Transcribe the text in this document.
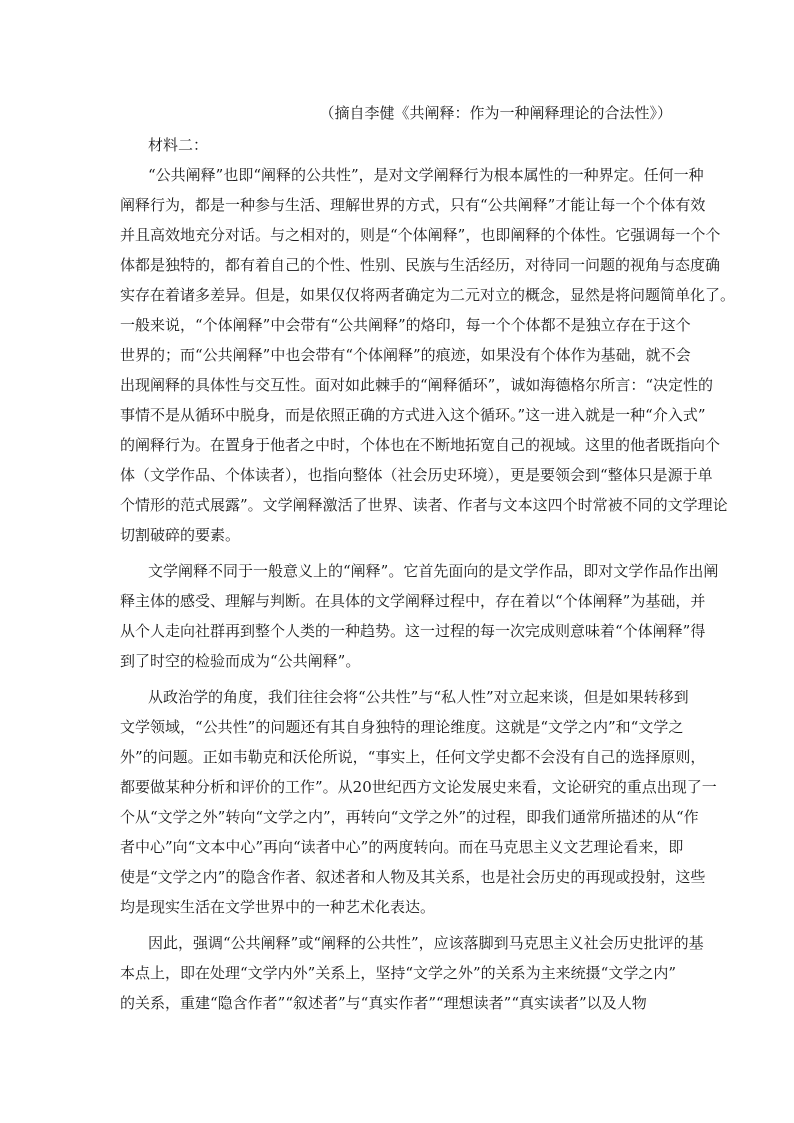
（摘自李健《共阐释：作为一种阐释理论的合法性》）
材料二：
“公共阐释”也即“阐释的公共性”，是对文学阐释行为根本属性的一种界定。任何一种
阐释行为，都是一种参与生活、理解世界的方式，只有“公共阐释”才能让每一个个体有效
并且高效地充分对话。与之相对的，则是“个体阐释”，也即阐释的个体性。它强调每一个个
体都是独特的，都有着自己的个性、性别、民族与生活经历，对待同一问题的视角与态度确
实存在着诸多差异。但是，如果仅仅将两者确定为二元对立的概念，显然是将问题简单化了。
一般来说，“个体阐释”中会带有“公共阐释”的烙印，每一个个体都不是独立存在于这个
世界的；而“公共阐释”中也会带有“个体阐释”的痕迹，如果没有个体作为基础，就不会
出现阐释的具体性与交互性。面对如此棘手的“阐释循环”，诚如海德格尔所言：“决定性的
事情不是从循环中脱身，而是依照正确的方式进入这个循环。”这一进入就是一种“介入式”
的阐释行为。在置身于他者之中时，个体也在不断地拓宽自己的视域。这里的他者既指向个
体（文学作品、个体读者），也指向整体（社会历史环境），更是要领会到“整体只是源于单
个情形的范式展露”。文学阐释激活了世界、读者、作者与文本这四个时常被不同的文学理论
切割破碎的要素。
文学阐释不同于一般意义上的“阐释”。它首先面向的是文学作品，即对文学作品作出阐
释主体的感受、理解与判断。在具体的文学阐释过程中，存在着以“个体阐释”为基础，并
从个人走向社群再到整个人类的一种趋势。这一过程的每一次完成则意味着“个体阐释”得
到了时空的检验而成为“公共阐释”。
从政治学的角度，我们往往会将“公共性”与“私人性”对立起来谈，但是如果转移到
文学领域，“公共性”的问题还有其自身独特的理论维度。这就是“文学之内”和“文学之
外”的问题。正如韦勒克和沃伦所说，“事实上，任何文学史都不会没有自己的选择原则，
都要做某种分析和评价的工作”。从20世纪西方文论发展史来看，文论研究的重点出现了一
个从“文学之外”转向“文学之内”，再转向“文学之外”的过程，即我们通常所描述的从“作
者中心”向“文本中心”再向“读者中心”的两度转向。而在马克思主义文艺理论看来，即
使是“文学之内”的隐含作者、叙述者和人物及其关系，也是社会历史的再现或投射，这些
均是现实生活在文学世界中的一种艺术化表达。
因此，强调“公共阐释”或“阐释的公共性”，应该落脚到马克思主义社会历史批评的基
本点上，即在处理“文学内外”关系上，坚持“文学之外”的关系为主来统摄“文学之内”
的关系，重建“隐含作者”“叙述者”与“真实作者”“理想读者”“真实读者”以及人物
